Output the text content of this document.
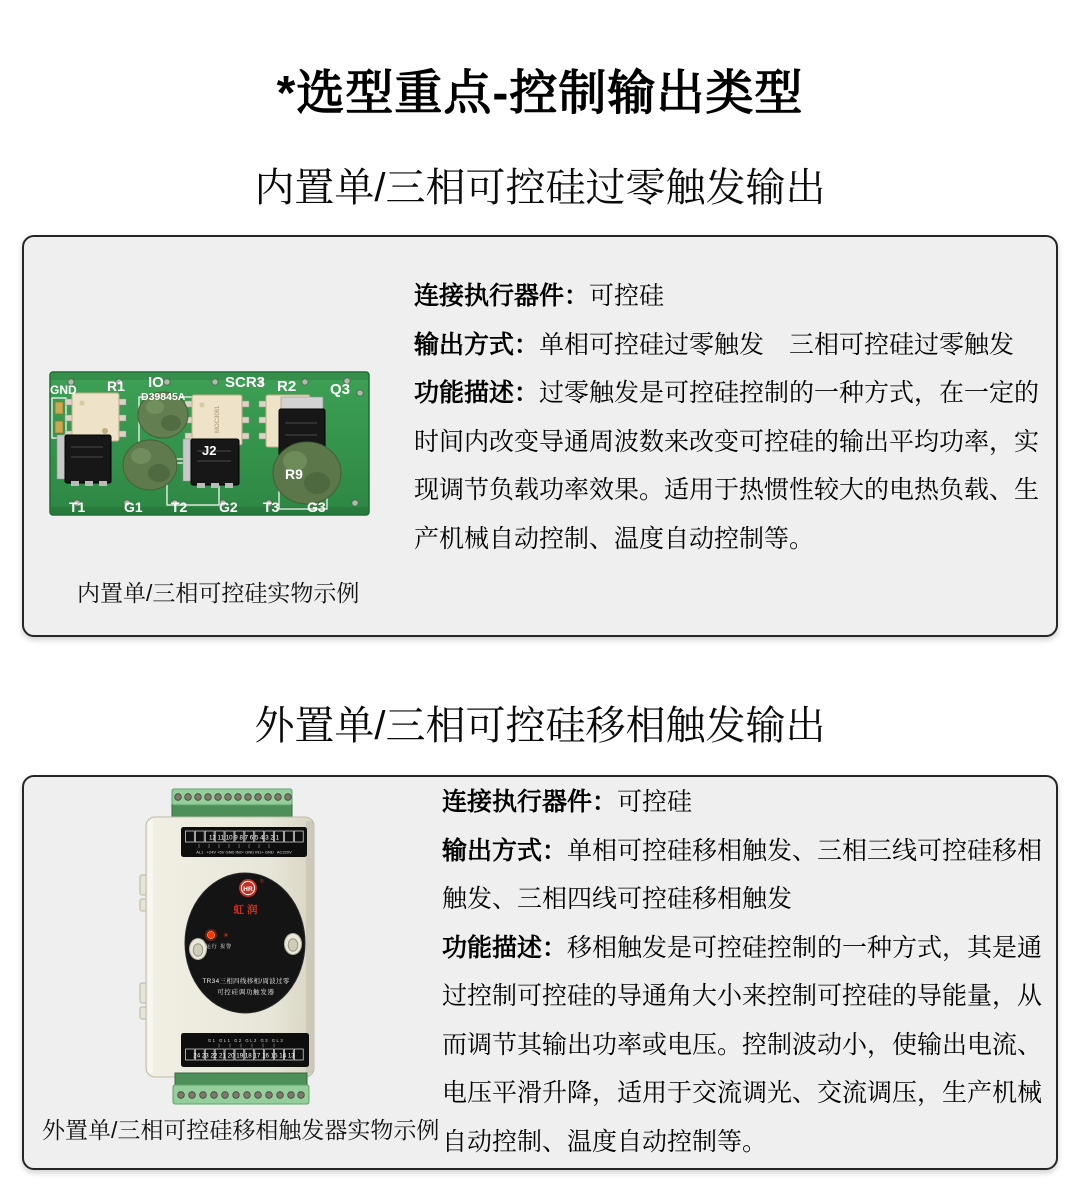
*选型重点-控制输出类型
内置单/三相可控硅过零触发输出
MOC3081
GND R1 IO
D39845A
SCR3 R2 Q3
J2
R9
T1	G1 T2 G2 T3 G3
内置单/三相可控硅实物示例

连接执行器件：可控硅

输出方式：单相可控硅过零触发　三相可控硅过零触发

功能描述：过零触发是可控硅控制的一种方式，在一定的

时间内改变导通周波数来改变可控硅的输出平均功率，实

现调节负载功率效果。适用于热惯性较大的电热负载、生

产机械自动控制、温度自动控制等。

外置单/三相可控硅移相触发输出
12 11 10 9 8 7 6 5 4 3 2 1
AL1   +24V +5V GND IN2+ GND IN1+ GND   AC220V
HR
®
虹润
运行 报警
TR34三相四线移相/周波过零
可控硅调功触发器
G1 GL1 G2 GL2 G3 GL3
24 23 22 21 20 19 18 17 16 15 14 13
外置单/三相可控硅移相触发器实物示例

连接执行器件：可控硅

输出方式：单相可控硅移相触发、三相三线可控硅移相

触发、三相四线可控硅移相触发

功能描述：移相触发是可控硅控制的一种方式，其是通

过控制可控硅的导通角大小来控制可控硅的导能量，从

而调节其输出功率或电压。控制波动小，使输出电流、

电压平滑升降，适用于交流调光、交流调压，生产机械

自动控制、温度自动控制等。
